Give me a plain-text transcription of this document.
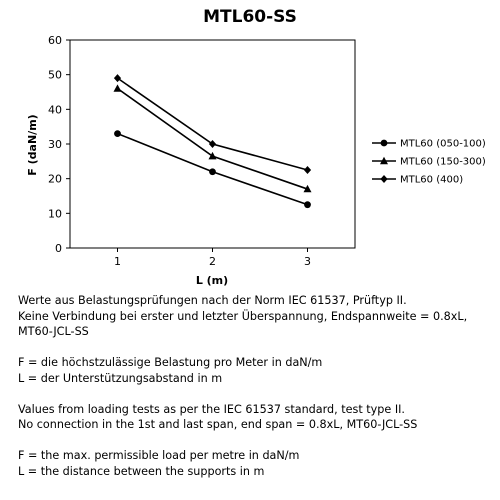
MTL60-SS
0
10
20
30
40
50
60
1	2	3
F (daN/m)
L (m)
MTL60 (050-100)
MTL60 (150-300)
MTL60 (400)

Werte aus Belastungsprüfungen nach der Norm IEC 61537, Prüftyp II.

Keine Verbindung bei erster und letzter Überspannung, Endspannweite = 0.8xL,

MT60-JCL-SS

F = die höchstzulässige Belastung pro Meter in daN/m

L = der Unterstützungsabstand in m

Values from loading tests as per the IEC 61537 standard, test type II.

No connection in the 1st and last span, end span = 0.8xL, MT60-JCL-SS

F = the max. permissible load per metre in daN/m

L = the distance between the supports in m
